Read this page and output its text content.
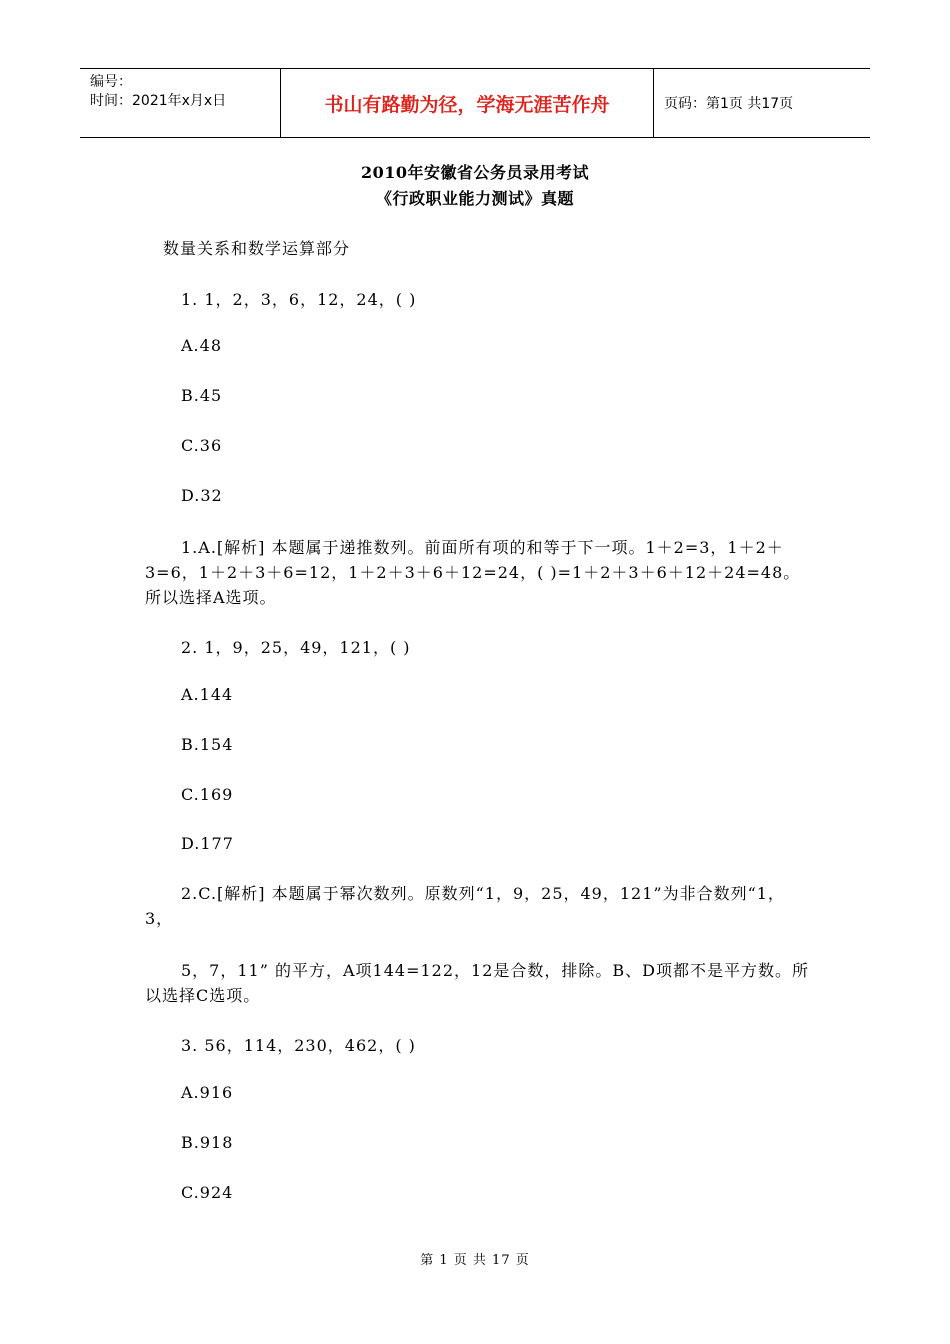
编号：
时间：2021年x月x日	书山有路勤为径，学海无涯苦作舟	页码：第1页 共17页
2010年安徽省公务员录用考试
《行政职业能力测试》真题
数量关系和数学运算部分
1. 1，2，3，6，12，24，( )
A.48
B.45
C.36
D.32
1.A.[解析] 本题属于递推数列。前面所有项的和等于下一项。1＋2=3，1＋2＋3=6，1＋2＋3＋6=12，1＋2＋3＋6＋12=24，( )=1＋2＋3＋6＋12＋24=48。所以选择A选项。
2. 1，9，25，49，121，( )
A.144
B.154
C.169
D.177
2.C.[解析] 本题属于幂次数列。原数列“1，9，25，49，121”为非合数列“1，3，
5，7，11” 的平方，A项144=122，12是合数，排除。B、D项都不是平方数。所以选择C选项。
3. 56，114，230，462，( )
A.916
B.918
C.924
第 1 页 共 17 页
